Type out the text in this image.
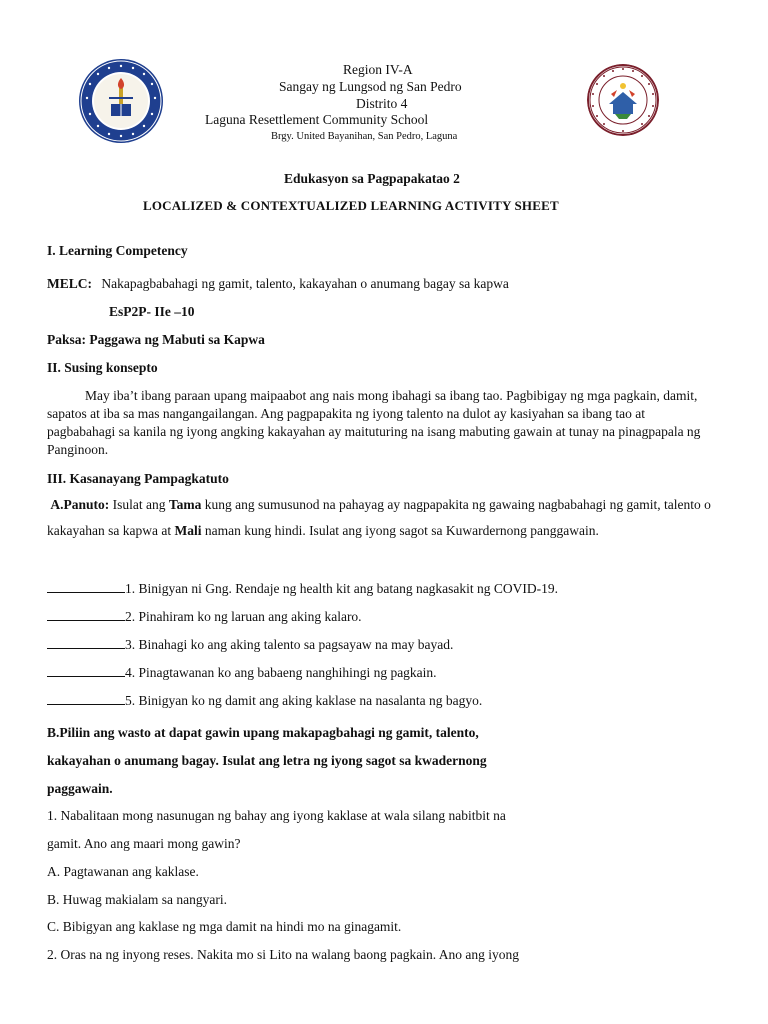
Region IV-A
Sangay ng Lungsod ng San Pedro
Distrito 4
Laguna Resettlement Community School
Brgy. United Bayanihan, San Pedro, Laguna
Edukasyon sa Pagpapakatao 2
LOCALIZED & CONTEXTUALIZED LEARNING ACTIVITY SHEET
I. Learning Competency
MELC: Nakapagbabahagi ng gamit, talento, kakayahan o anumang bagay sa kapwa
EsP2P- IIe –10
Paksa: Paggawa ng Mabuti sa Kapwa
II. Susing konsepto
May iba’t ibang paraan upang maipaabot ang nais mong ibahagi sa ibang tao. Pagbibigay ng mga pagkain, damit, sapatos at iba sa mas nangangailangan. Ang pagpapakita ng iyong talento na dulot ay kasiyahan sa ibang tao at pagbabahagi sa kanila ng iyong angking kakayahan ay maituturing na isang mabuting gawain at tunay na pinagpapala ng Panginoon.
III. Kasanayang Pampagkatuto
A.Panuto: Isulat ang Tama kung ang sumusunod na pahayag ay nagpapakita ng gawaing nagbabahagi ng gamit, talento o kakayahan sa kapwa at Mali naman kung hindi. Isulat ang iyong sagot sa Kuwardernong panggawain.
1. Binigyan ni Gng. Rendaje ng health kit ang batang nagkasakit ng COVID-19.
2. Pinahiram ko ng laruan ang aking kalaro.
3. Binahagi ko ang aking talento sa pagsayaw na may bayad.
4. Pinagtawanan ko ang babaeng nanghihingi ng pagkain.
5. Binigyan ko ng damit ang aking kaklase na nasalanta ng bagyo.
B.Piliin ang wasto at dapat gawin upang makapagbahagi ng gamit, talento,
kakayahan o anumang bagay. Isulat ang letra ng iyong sagot sa kwadernong
paggawain.
1. Nabalitaan mong nasunugan ng bahay ang iyong kaklase at wala silang nabitbit na
gamit. Ano ang maari mong gawin?
A. Pagtawanan ang kaklase.
B. Huwag makialam sa nangyari.
C. Bibigyan ang kaklase ng mga damit na hindi mo na ginagamit.
2. Oras na ng inyong reses. Nakita mo si Lito na walang baong pagkain. Ano ang iyong
